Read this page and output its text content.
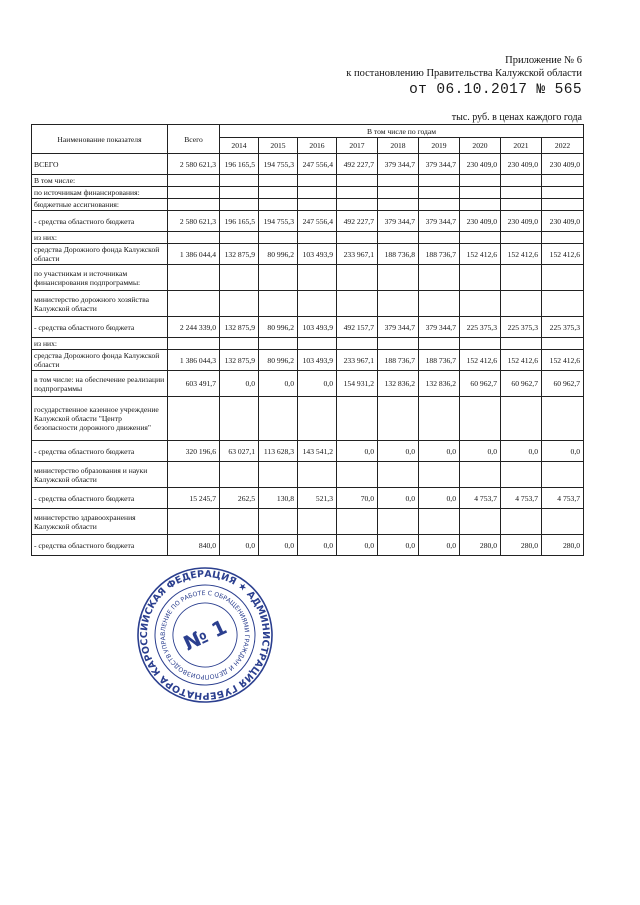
Приложение № 6
к постановлению Правительства Калужской области
от 06.10.2017 № 565
тыс. руб. в ценах каждого года
Наименование показателя	Всего	В том числе по годам								
		2014	2015	2016	2017	2018	2019	2020	2021	2022
ВСЕГО	2 580 621,3	196 165,5	194 755,3	247 556,4	492 227,7	379 344,7	379 344,7	230 409,0	230 409,0	230 409,0
В том числе:										
по источникам финансирования:										
бюджетные ассигнования:										
- средства областного бюджета	2 580 621,3	196 165,5	194 755,3	247 556,4	492 227,7	379 344,7	379 344,7	230 409,0	230 409,0	230 409,0
из них:										
средства Дорожного фонда Калужской области	1 386 044,4	132 875,9	80 996,2	103 493,9	233 967,1	188 736,8	188 736,7	152 412,6	152 412,6	152 412,6
по участникам и источникам финансирования подпрограммы:										
министерство дорожного хозяйства Калужской области										
- средства областного бюджета	2 244 339,0	132 875,9	80 996,2	103 493,9	492 157,7	379 344,7	379 344,7	225 375,3	225 375,3	225 375,3
из них:										
средства Дорожного фонда Калужской области	1 386 044,3	132 875,9	80 996,2	103 493,9	233 967,1	188 736,7	188 736,7	152 412,6	152 412,6	152 412,6
в том числе: на обеспечение реализации подпрограммы	603 491,7	0,0	0,0	0,0	154 931,2	132 836,2	132 836,2	60 962,7	60 962,7	60 962,7
государственное казенное учреждение Калужской области "Центр безопасности дорожного движения"										
- средства областного бюджета	320 196,6	63 027,1	113 628,3	143 541,2	0,0	0,0	0,0	0,0	0,0	0,0
министерство образования и науки Калужской области										
- средства областного бюджета	15 245,7	262,5	130,8	521,3	70,0	0,0	0,0	4 753,7	4 753,7	4 753,7
министерство здравоохранения Калужской области										
- средства областного бюджета	840,0	0,0	0,0	0,0	0,0	0,0	0,0	280,0	280,0	280,0
РОССИЙСКАЯ ФЕДЕРАЦИЯ ★ АДМИНИСТРАЦИЯ ГУБЕРНАТОРА КАЛУЖСКОЙ
УПРАВЛЕНИЕ ПО РАБОТЕ С ОБРАЩЕНИЯМИ ГРАЖДАН И ДЕЛОПРОИЗВОДСТВУ
№ 1
